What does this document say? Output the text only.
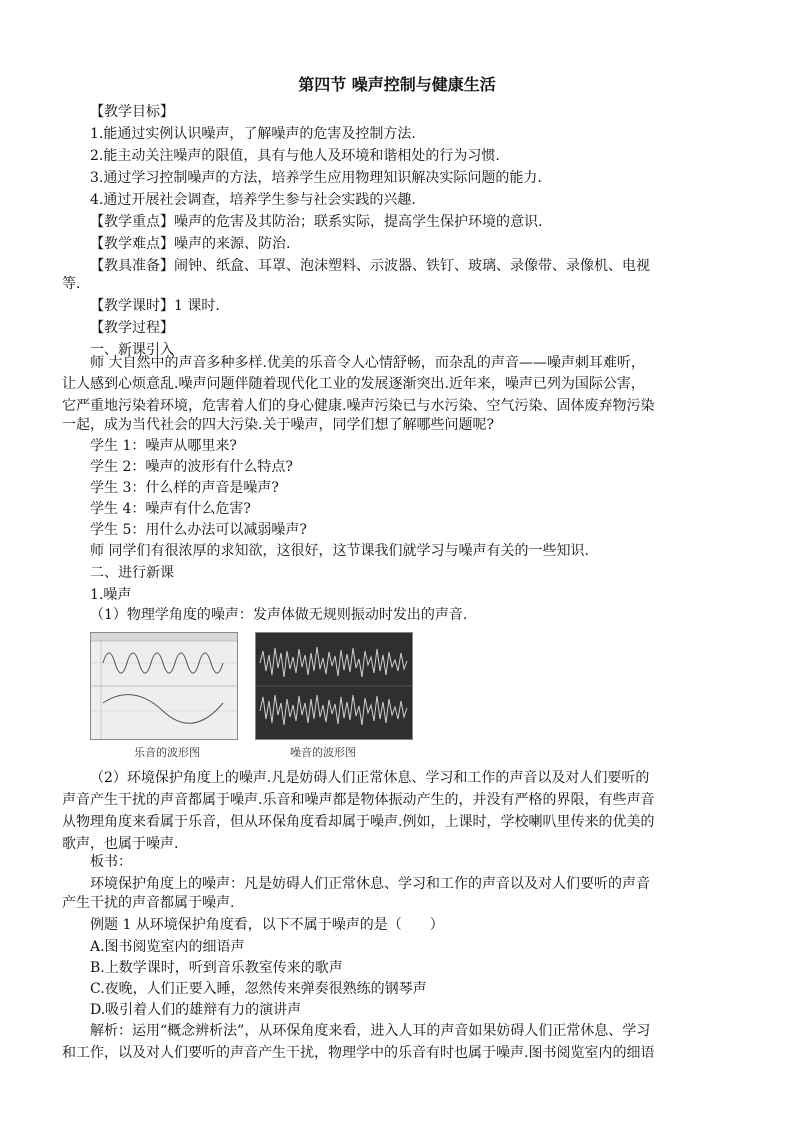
第四节 噪声控制与健康生活
【教学目标】
1.能通过实例认识噪声，了解噪声的危害及控制方法.
2.能主动关注噪声的限值，具有与他人及环境和谐相处的行为习惯.
3.通过学习控制噪声的方法，培养学生应用物理知识解决实际问题的能力.
4.通过开展社会调查，培养学生参与社会实践的兴趣.
【教学重点】噪声的危害及其防治；联系实际，提高学生保护环境的意识.
【教学难点】噪声的来源、防治.
【教具准备】闹钟、纸盒、耳罩、泡沫塑料、示波器、铁钉、玻璃、录像带、录像机、电视
等.
【教学课时】1 课时.
【教学过程】
一、新课引入
师 大自然中的声音多种多样.优美的乐音令人心情舒畅，而杂乱的声音——噪声刺耳难听，
让人感到心烦意乱.噪声问题伴随着现代化工业的发展逐渐突出.近年来，噪声已列为国际公害，
它严重地污染着环境，危害着人们的身心健康.噪声污染已与水污染、空气污染、固体废弃物污染
一起，成为当代社会的四大污染.关于噪声，同学们想了解哪些问题呢?
学生 1：噪声从哪里来?
学生 2：噪声的波形有什么特点?
学生 3：什么样的声音是噪声?
学生 4：噪声有什么危害?
学生 5：用什么办法可以减弱噪声?
师 同学们有很浓厚的求知欲，这很好，这节课我们就学习与噪声有关的一些知识.
二、进行新课
1.噪声
（1）物理学角度的噪声：发声体做无规则振动时发出的声音.
乐音的波形图	噪音的波形图
（2）环境保护角度上的噪声.凡是妨碍人们正常休息、学习和工作的声音以及对人们要听的
声音产生干扰的声音都属于噪声.乐音和噪声都是物体振动产生的，并没有严格的界限，有些声音
从物理角度来看属于乐音，但从环保角度看却属于噪声.例如，上课时，学校喇叭里传来的优美的
歌声，也属于噪声.
板书：
环境保护角度上的噪声：凡是妨碍人们正常休息、学习和工作的声音以及对人们要听的声音
产生干扰的声音都属于噪声.
例题 1 从环境保护角度看，以下不属于噪声的是（　　）
A.图书阅览室内的细语声
B.上数学课时，听到音乐教室传来的歌声
C.夜晚，人们正要入睡，忽然传来弹奏很熟练的钢琴声
D.吸引着人们的雄辩有力的演讲声
解析：运用“概念辨析法”，从环保角度来看，进入人耳的声音如果妨碍人们正常休息、学习
和工作，以及对人们要听的声音产生干扰，物理学中的乐音有时也属于噪声.图书阅览室内的细语
